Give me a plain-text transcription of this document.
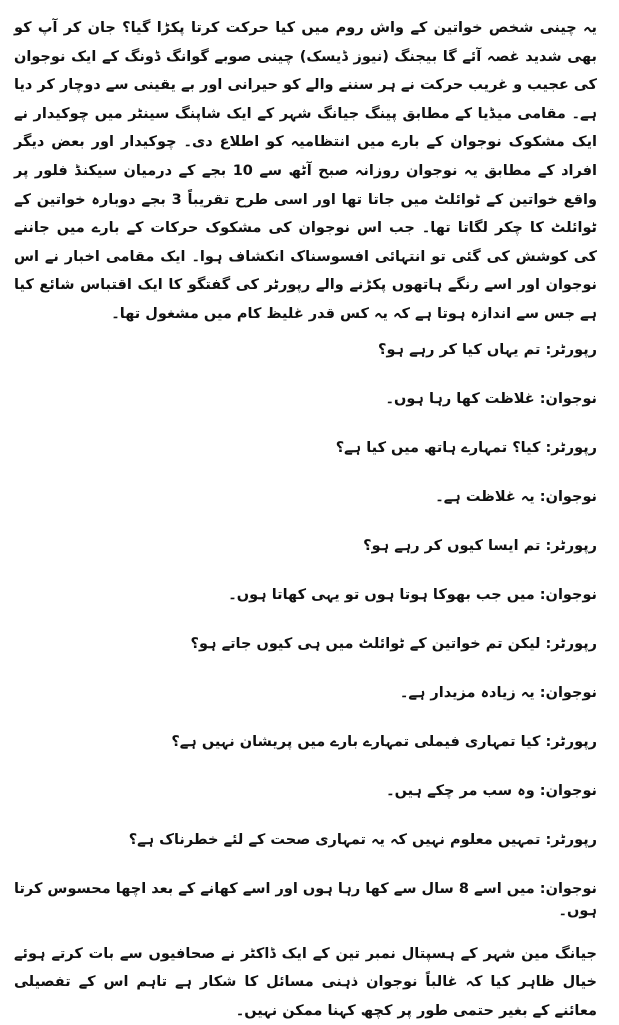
یہ چینی شخص خواتین کے واش روم میں کیا حرکت کرتا پکڑا گیا؟ جان کر آپ کو بھی شدید غصہ آئے گا بیجنگ (نیوز ڈیسک) چینی صوبے گوانگ ڈونگ کے ایک نوجوان کی عجیب و غریب حرکت نے ہر سننے والے کو حیرانی اور بے یقینی سے دوچار کر دیا ہے۔ مقامی میڈیا کے مطابق پینگ جیانگ شہر کے ایک شاپنگ سینٹر میں چوکیدار نے ایک مشکوک نوجوان کے بارے میں انتظامیہ کو اطلاع دی۔ چوکیدار اور بعض دیگر افراد کے مطابق یہ نوجوان روزانہ صبح آٹھ سے 10 بجے کے درمیان سیکنڈ فلور پر واقع خواتین کے ٹوائلٹ میں جاتا تھا اور اسی طرح تقریباً 3 بجے دوبارہ خواتین کے ٹوائلٹ کا چکر لگاتا تھا۔ جب اس نوجوان کی مشکوک حرکات کے بارے میں جاننے کی کوشش کی گئی تو انتہائی افسوسناک انکشاف ہوا۔ ایک مقامی اخبار نے اس نوجوان اور اسے رنگے ہاتھوں پکڑنے والے رپورٹر کی گفتگو کا ایک اقتباس شائع کیا ہے جس سے اندازہ ہوتا ہے کہ یہ کس قدر غلیظ کام میں مشغول تھا۔

رپورٹر: تم یہاں کیا کر رہے ہو؟

نوجوان: غلاظت کھا رہا ہوں۔

رپورٹر: کیا؟ تمہارے ہاتھ میں کیا ہے؟

نوجوان: یہ غلاظت ہے۔

رپورٹر: تم ایسا کیوں کر رہے ہو؟

نوجوان: میں جب بھوکا ہوتا ہوں تو یہی کھاتا ہوں۔

رپورٹر: لیکن تم خواتین کے ٹوائلٹ میں ہی کیوں جاتے ہو؟

نوجوان: یہ زیادہ مزیدار ہے۔

رپورٹر: کیا تمہاری فیملی تمہارے بارے میں پریشان نہیں ہے؟

نوجوان: وہ سب مر چکے ہیں۔

رپورٹر: تمہیں معلوم نہیں کہ یہ تمہاری صحت کے لئے خطرناک ہے؟

نوجوان: میں اسے 8 سال سے کھا رہا ہوں اور اسے کھانے کے بعد اچھا محسوس کرتا ہوں۔

جیانگ مین شہر کے ہسپتال نمبر تین کے ایک ڈاکٹر نے صحافیوں سے بات کرتے ہوئے خیال ظاہر کیا کہ غالباً نوجوان ذہنی مسائل کا شکار ہے تاہم اس کے تفصیلی معائنے کے بغیر حتمی طور پر کچھ کہنا ممکن نہیں۔
